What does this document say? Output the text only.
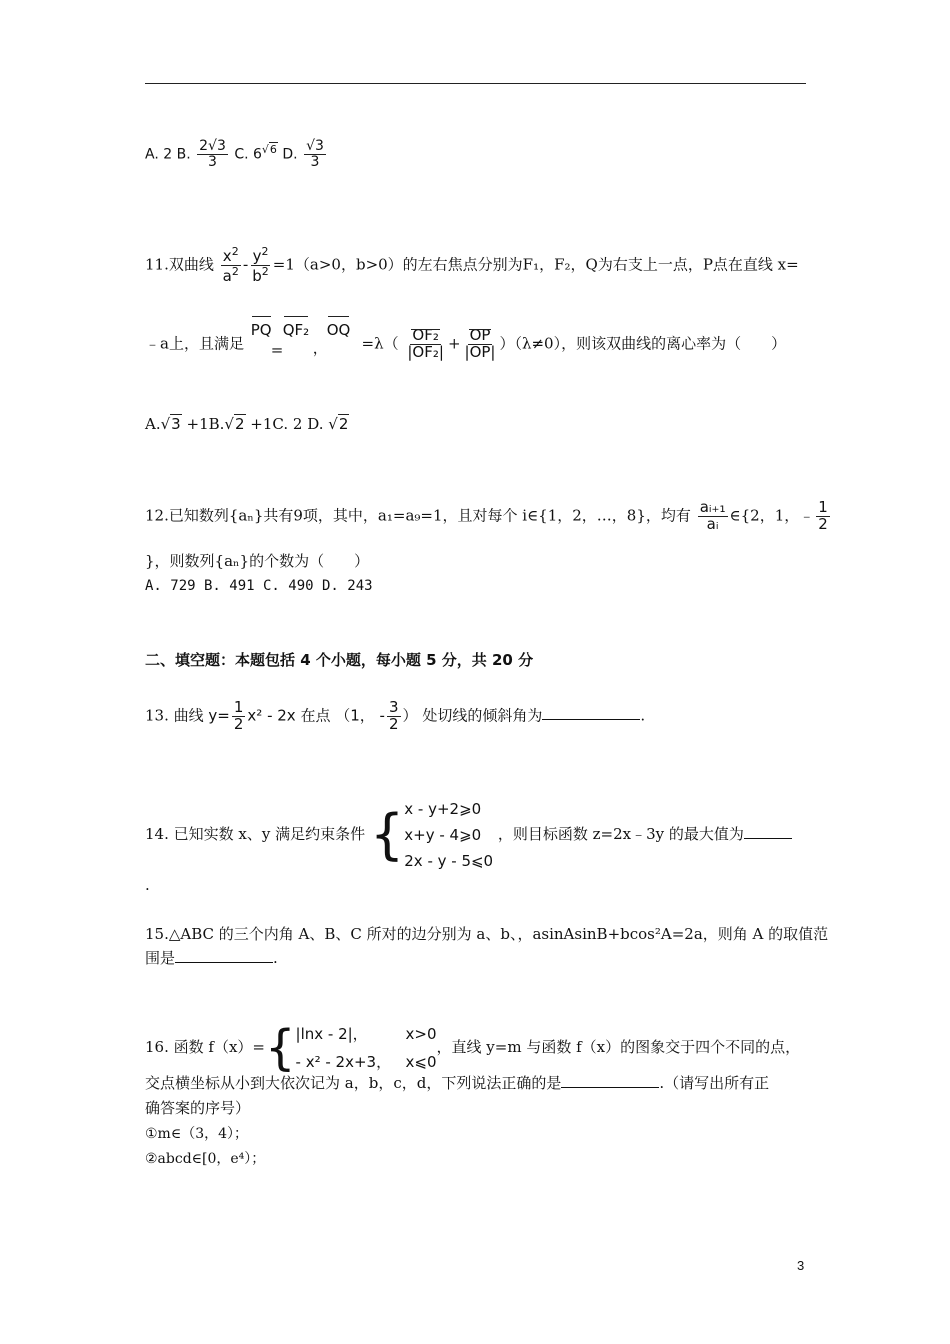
A. 2 B. $\frac{2√3}{3} C$. $6^{√6}$ D. $\frac{√3}{3}$
11.双曲线 $\frac{x^2}{a^2} - \frac{y^2}{b^2} =1(a>0$，b>0）的左右焦点分别为F₁，F₂，Q为右支上一点，P点在直线 x=
﹣a上，且满足
PQ QF₂ OQ
= ， $=\lambda( \frac{\text{OF₂}}{\text{|OF₂|}} + \frac{OP}{|OP|} )(\lambda\ne 0)$，则该双曲线的离心率为（　　）
A.√3 +1B.√2 +1C. 2 D. √2
12.已知数列{aₙ}共有9项，其中，a₁=a₉=1，且对每个 i∈{1，2，…，8}，均有 $\frac{\text{aᵢ₊₁}}{\text{aᵢ}}$ ∈{2，1，﹣ $\frac{1}{2}$
}，则数列{aₙ}的个数为（　　）
A. 729 B. 491 C. 490 D. 243
二、填空题：本题包括 4 个小题，每小题 5 分，共 20 分
13. 曲线 $y= \frac{1}{2} x^2 - 2x$ 在点 （1， - $\frac{3}{2}$ ） 处切线的倾斜角为	.
14. 已知实数 x、y 满足约束条件 { x - y+2⩾0
x+y - 4⩾0
2x - y - 5⩽0
，则目标函数 z=2x﹣3y 的最大值为
.
15.△ABC 的三个内角 A、B、C 所对的边分别为 a、b、，asinAsinB+bcos²A=2a，则角 A 的取值范
围是	.
16. 函数 f（x）={ |lnx - 2|，	x>0
- x² - 2x+3， x⩽0
，直线 y=m 与函数 f（x）的图象交于四个不同的点，
交点横坐标从小到大依次记为 a，b，c，d，下列说法正确的是	.（请写出所有正
确答案的序号）
①m∈（3，4）；
②abcd∈[0，e⁴）；
3
